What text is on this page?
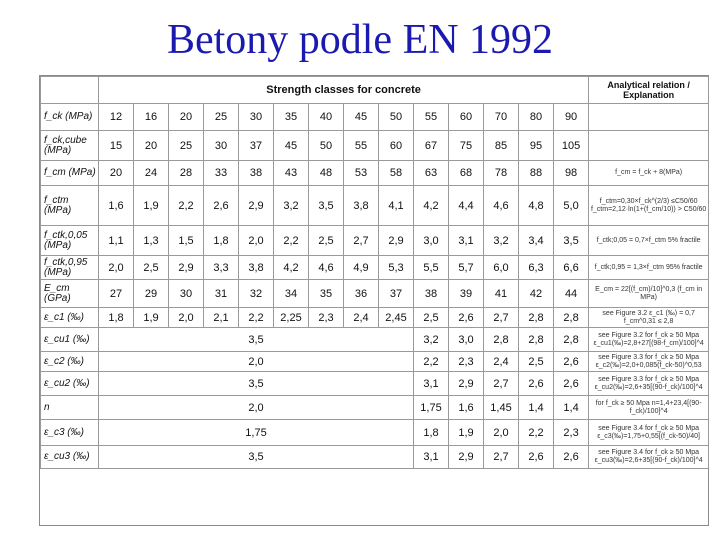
Betony podle EN 1992
	Strength classes for concrete														Analytical relation / Explanation
f_ck (MPa)	12	16	20	25	30	35	40	45	50	55	60	70	80	90	
f_ck,cube (MPa)	15	20	25	30	37	45	50	55	60	67	75	85	95	105	
f_cm (MPa)	20	24	28	33	38	43	48	53	58	63	68	78	88	98	f_cm = f_ck + 8(MPa)
f_ctm (MPa)	1,6	1,9	2,2	2,6	2,9	3,2	3,5	3,8	4,1	4,2	4,4	4,6	4,8	5,0	f_ctm=0,30×f_ck^(2/3) ≤C50/60 f_ctm=2,12·ln(1+(f_cm/10)) > C50/60
f_ctk,0,05 (MPa)	1,1	1,3	1,5	1,8	2,0	2,2	2,5	2,7	2,9	3,0	3,1	3,2	3,4	3,5	f_ctk;0,05 = 0,7×f_ctm 5% fractile
f_ctk,0,95 (MPa)	2,0	2,5	2,9	3,3	3,8	4,2	4,6	4,9	5,3	5,5	5,7	6,0	6,3	6,6	f_ctk;0,95 = 1,3×f_ctm 95% fractile
E_cm (GPa)	27	29	30	31	32	34	35	36	37	38	39	41	42	44	E_cm = 22[(f_cm)/10]^0,3 (f_cm in MPa)
ε_c1 (‰)	1,8	1,9	2,0	2,1	2,2	2,25	2,3	2,4	2,45	2,5	2,6	2,7	2,8	2,8	see Figure 3.2 ε_c1 (‰) = 0,7 f_cm^0,31 ≤ 2,8
ε_cu1 (‰)	3,5									3,2	3,0	2,8	2,8	2,8	see Figure 3.2 for f_ck ≥ 50 Mpa ε_cu1(‰)=2,8+27[(98-f_cm)/100]^4
ε_c2 (‰)	2,0									2,2	2,3	2,4	2,5	2,6	see Figure 3.3 for f_ck ≥ 50 Mpa ε_c2(‰)=2,0+0,085(f_ck-50)^0,53
ε_cu2 (‰)	3,5									3,1	2,9	2,7	2,6	2,6	see Figure 3.3 for f_ck ≥ 50 Mpa ε_cu2(‰)=2,6+35[(90-f_ck)/100]^4
n	2,0									1,75	1,6	1,45	1,4	1,4	for f_ck ≥ 50 Mpa n=1,4+23,4[(90- f_ck)/100]^4
ε_c3 (‰)	1,75									1,8	1,9	2,0	2,2	2,3	see Figure 3.4 for f_ck ≥ 50 Mpa ε_c3(‰)=1,75+0,55[(f_ck-50)/40]
ε_cu3 (‰)	3,5									3,1	2,9	2,7	2,6	2,6	see Figure 3.4 for f_ck ≥ 50 Mpa ε_cu3(‰)=2,6+35[(90-f_ck)/100]^4
